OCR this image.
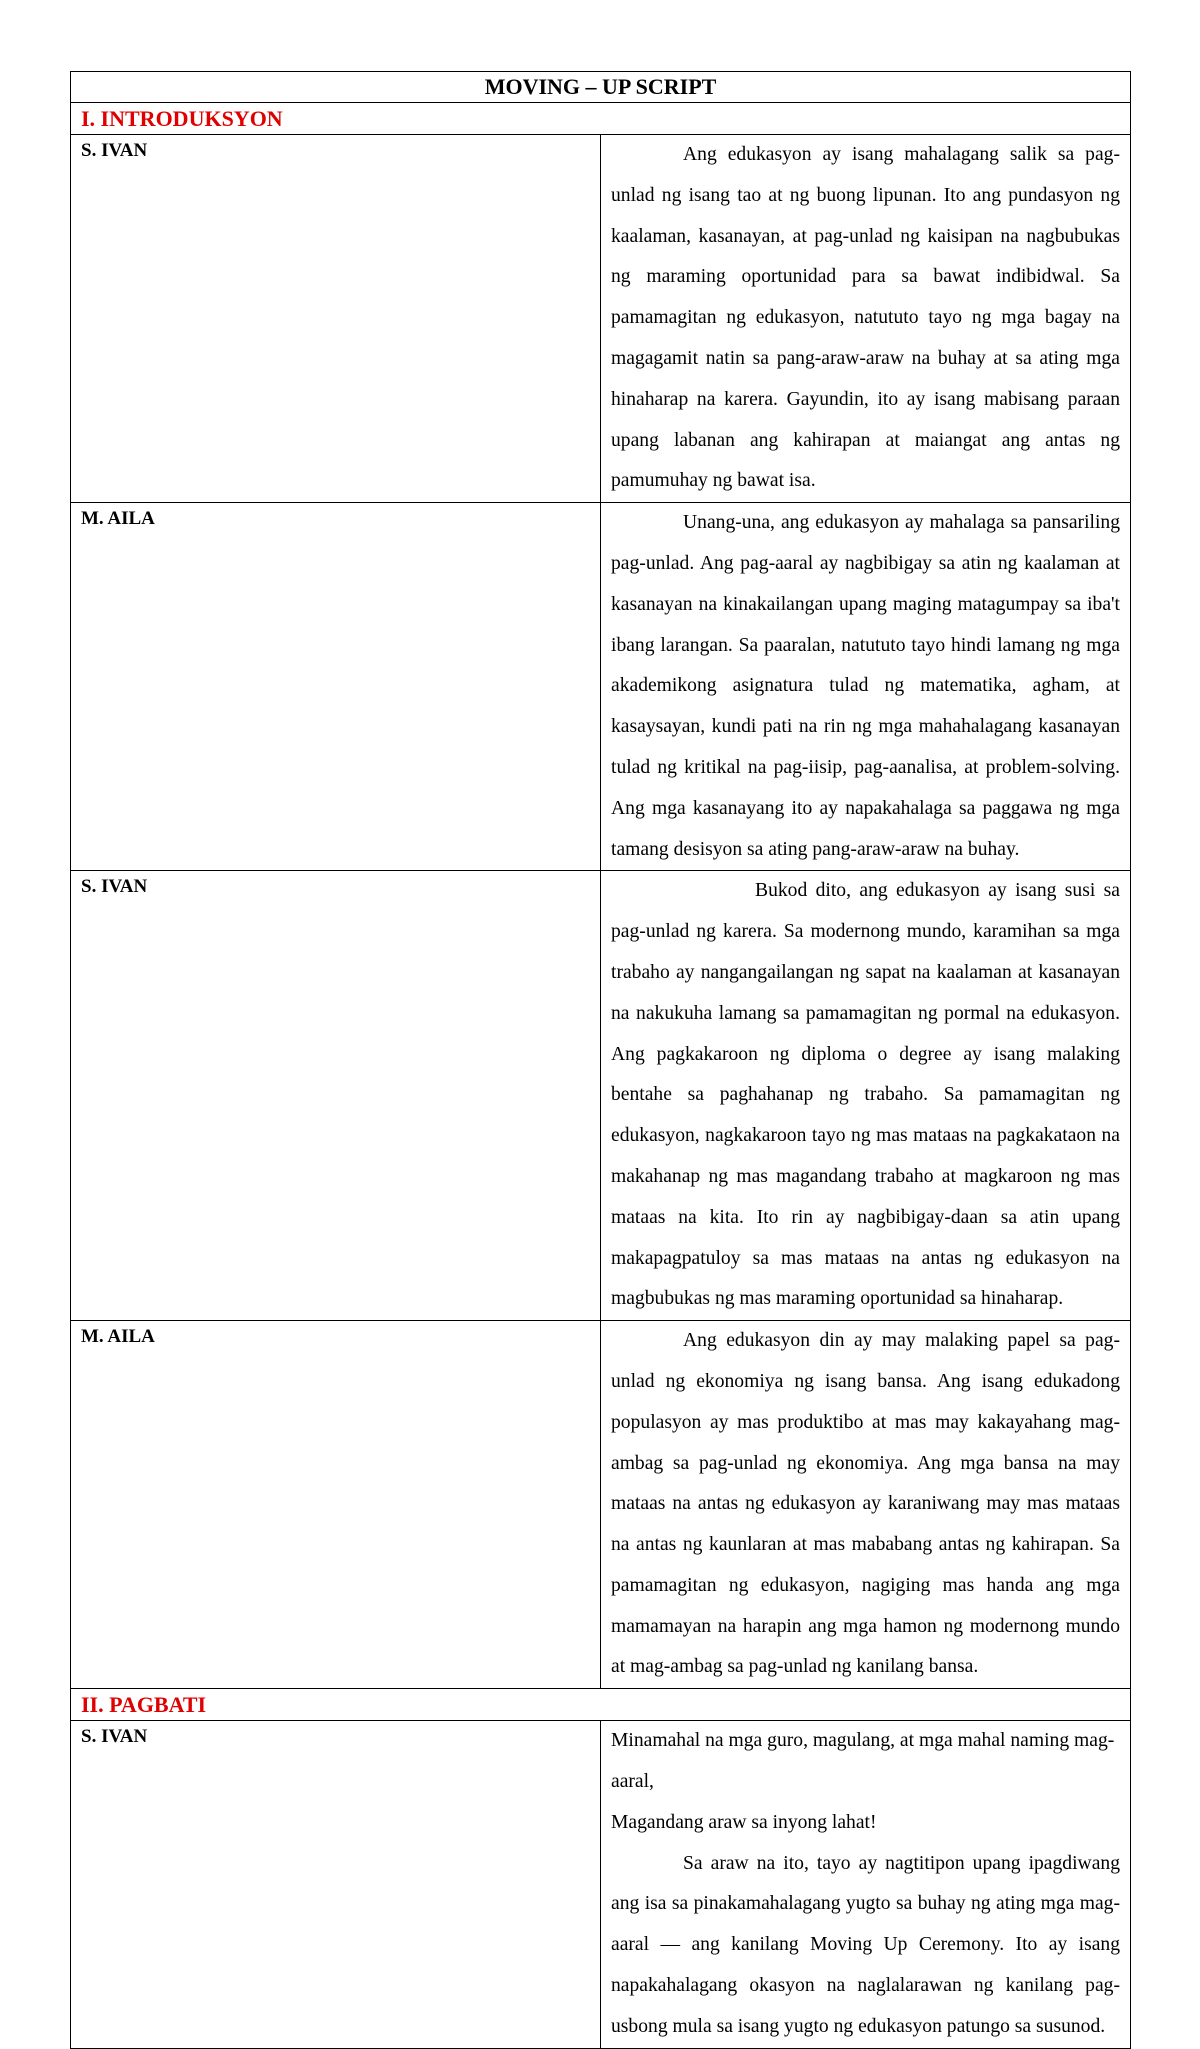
MOVING – UP SCRIPT	
I. INTRODUKSYON	
S. IVAN	Ang edukasyon ay isang mahalagang salik sa pag-unlad ng isang tao at ng buong lipunan. Ito ang pundasyon ng kaalaman, kasanayan, at pag-unlad ng kaisipan na nagbubukas ng maraming oportunidad para sa bawat indibidwal. Sa pamamagitan ng edukasyon, natututo tayo ng mga bagay na magagamit natin sa pang-araw-araw na buhay at sa ating mga hinaharap na karera. Gayundin, ito ay isang mabisang paraan upang labanan ang kahirapan at maiangat ang antas ng pamumuhay ng bawat isa.

M. AILA	Unang-una, ang edukasyon ay mahalaga sa pansariling pag-unlad. Ang pag-aaral ay nagbibigay sa atin ng kaalaman at kasanayan na kinakailangan upang maging matagumpay sa iba't ibang larangan. Sa paaralan, natututo tayo hindi lamang ng mga akademikong asignatura tulad ng matematika, agham, at kasaysayan, kundi pati na rin ng mga mahahalagang kasanayan tulad ng kritikal na pag-iisip, pag-aanalisa, at problem-solving. Ang mga kasanayang ito ay napakahalaga sa paggawa ng mga tamang desisyon sa ating pang-araw-araw na buhay.

S. IVAN	Bukod dito, ang edukasyon ay isang susi sa pag-unlad ng karera. Sa modernong mundo, karamihan sa mga trabaho ay nangangailangan ng sapat na kaalaman at kasanayan na nakukuha lamang sa pamamagitan ng pormal na edukasyon. Ang pagkakaroon ng diploma o degree ay isang malaking bentahe sa paghahanap ng trabaho. Sa pamamagitan ng edukasyon, nagkakaroon tayo ng mas mataas na pagkakataon na makahanap ng mas magandang trabaho at magkaroon ng mas mataas na kita. Ito rin ay nagbibigay-daan sa atin upang makapagpatuloy sa mas mataas na antas ng edukasyon na magbubukas ng mas maraming oportunidad sa hinaharap.

M. AILA	Ang edukasyon din ay may malaking papel sa pag-unlad ng ekonomiya ng isang bansa. Ang isang edukadong populasyon ay mas produktibo at mas may kakayahang mag-ambag sa pag-unlad ng ekonomiya. Ang mga bansa na may mataas na antas ng edukasyon ay karaniwang may mas mataas na antas ng kaunlaran at mas mababang antas ng kahirapan. Sa pamamagitan ng edukasyon, nagiging mas handa ang mga mamamayan na harapin ang mga hamon ng modernong mundo at mag-ambag sa pag-unlad ng kanilang bansa.

II. PAGBATI	
S. IVAN	Minamahal na mga guro, magulang, at mga mahal naming mag-aaral,

Magandang araw sa inyong lahat!

Sa araw na ito, tayo ay nagtitipon upang ipagdiwang ang isa sa pinakamahalagang yugto sa buhay ng ating mga mag-aaral — ang kanilang Moving Up Ceremony. Ito ay isang napakahalagang okasyon na naglalarawan ng kanilang pag-usbong mula sa isang yugto ng edukasyon patungo sa susunod.
